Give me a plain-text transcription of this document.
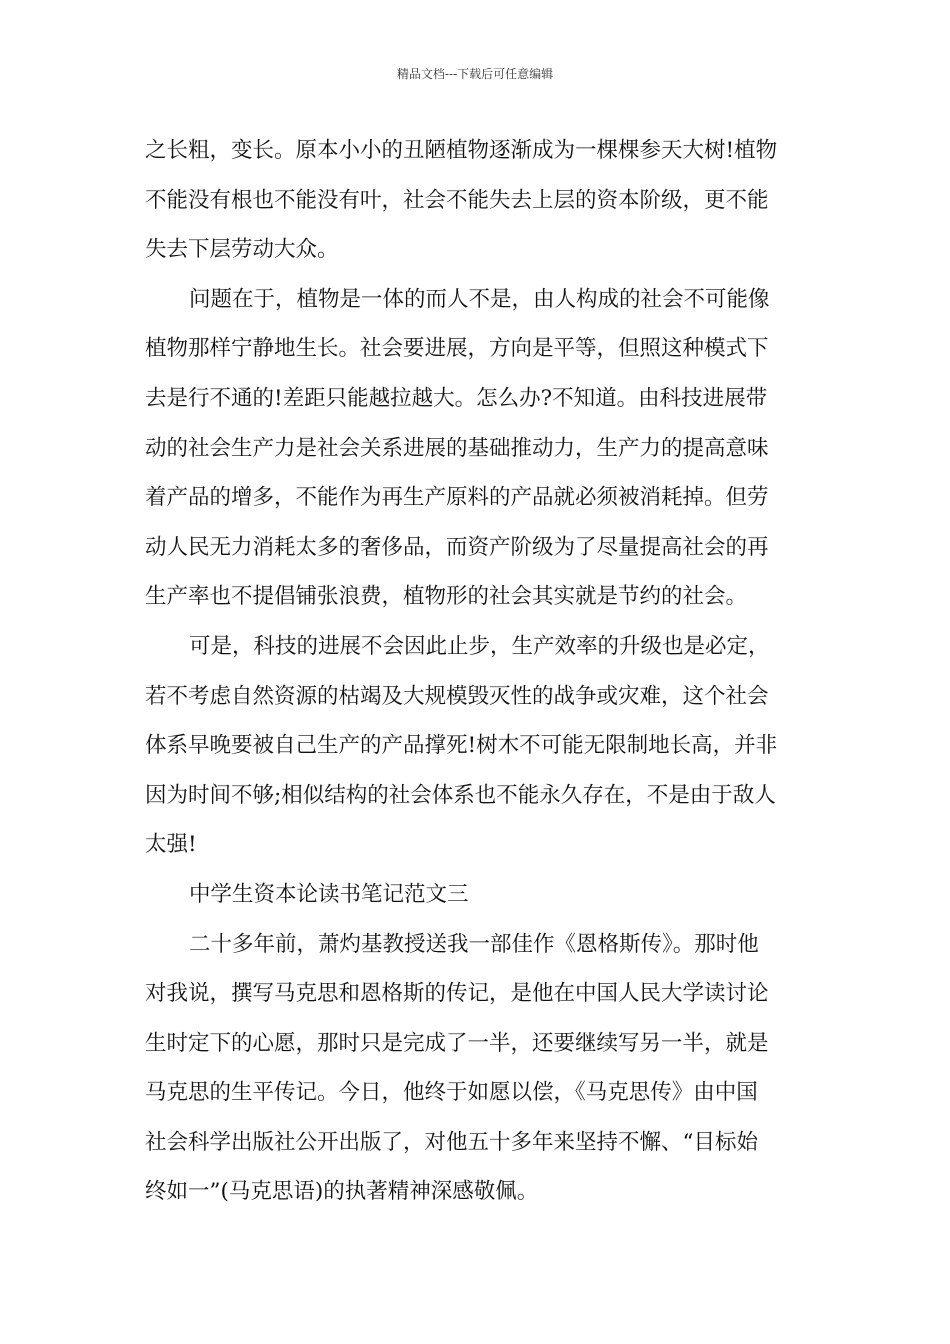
精品文档---下载后可任意编辑
之长粗，变长。原本小小的丑陋植物逐渐成为一棵棵参天大树!植物
不能没有根也不能没有叶，社会不能失去上层的资本阶级，更不能
失去下层劳动大众。
问题在于，植物是一体的而人不是，由人构成的社会不可能像
植物那样宁静地生长。社会要进展，方向是平等，但照这种模式下
去是行不通的!差距只能越拉越大。怎么办?不知道。由科技进展带
动的社会生产力是社会关系进展的基础推动力，生产力的提高意味
着产品的增多，不能作为再生产原料的产品就必须被消耗掉。但劳
动人民无力消耗太多的奢侈品，而资产阶级为了尽量提高社会的再
生产率也不提倡铺张浪费，植物形的社会其实就是节约的社会。
可是，科技的进展不会因此止步，生产效率的升级也是必定，
若不考虑自然资源的枯竭及大规模毁灭性的战争或灾难，这个社会
体系早晚要被自己生产的产品撑死!树木不可能无限制地长高，并非
因为时间不够;相似结构的社会体系也不能永久存在，不是由于敌人
太强!
中学生资本论读书笔记范文三
二十多年前，萧灼基教授送我一部佳作《恩格斯传》。那时他
对我说，撰写马克思和恩格斯的传记，是他在中国人民大学读讨论
生时定下的心愿，那时只是完成了一半，还要继续写另一半，就是
马克思的生平传记。今日，他终于如愿以偿，《马克思传》由中国
社会科学出版社公开出版了，对他五十多年来坚持不懈、“目标始
终如一”(马克思语)的执著精神深感敬佩。
